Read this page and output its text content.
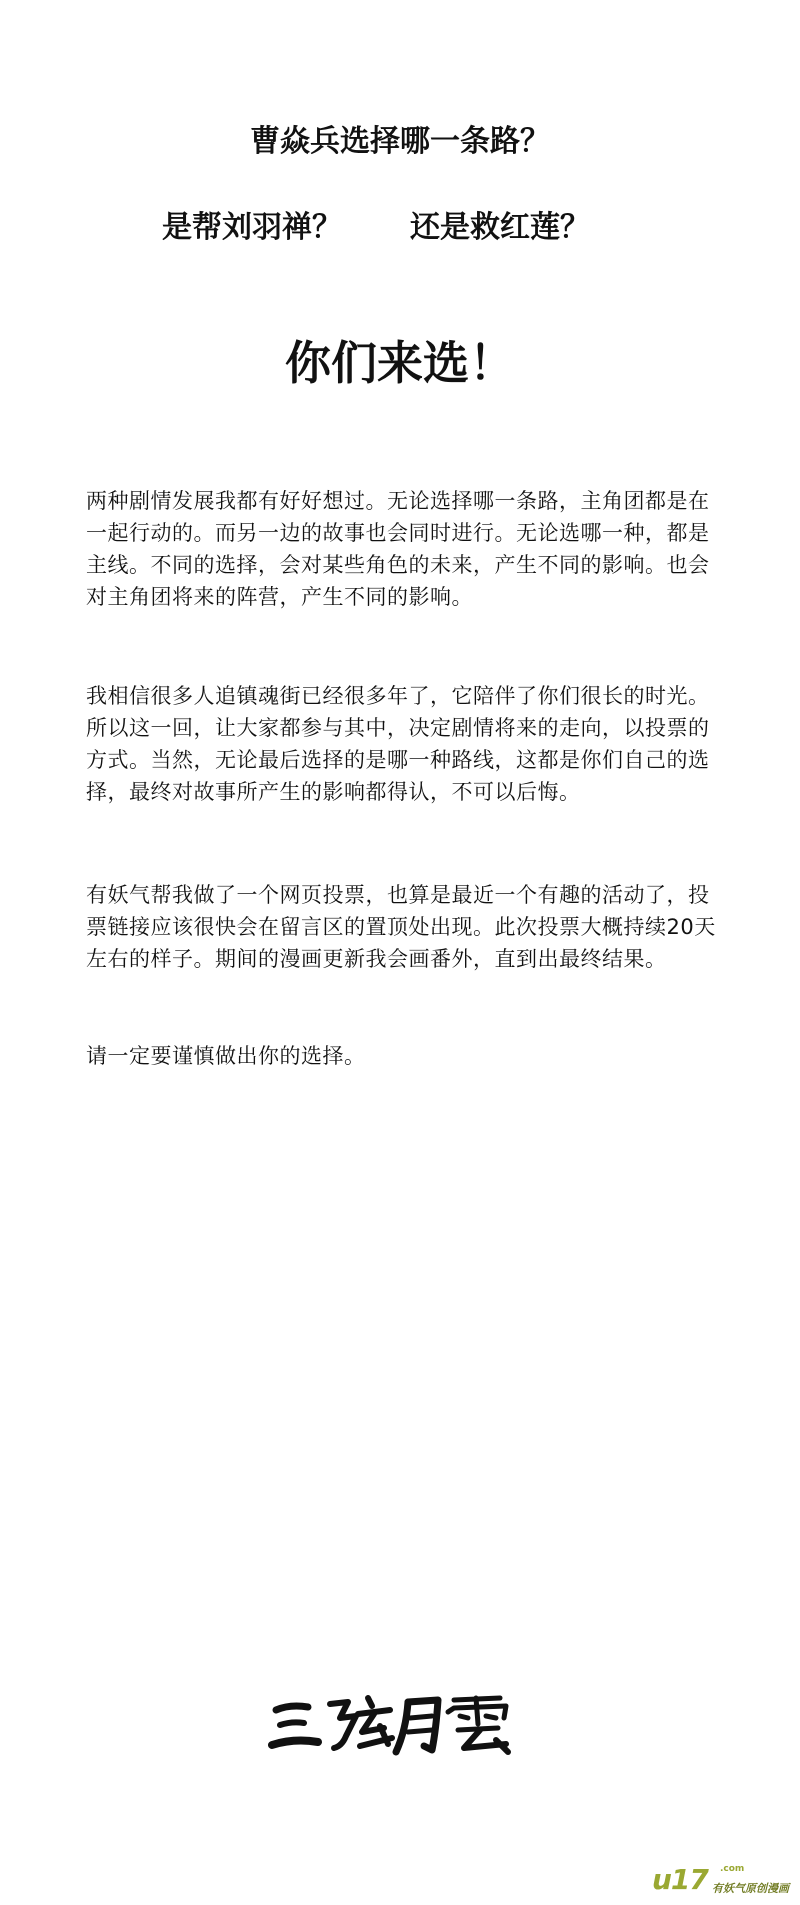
曹焱兵选择哪一条路？
是帮刘羽禅？ 还是救红莲？
你们来选！

两种剧情发展我都有好好想过。无论选择哪一条路，主角团都是在一起行动的。而另一边的故事也会同时进行。无论选哪一种，都是主线。不同的选择，会对某些角色的未来，产生不同的影响。也会对主角团将来的阵营，产生不同的影响。

我相信很多人追镇魂街已经很多年了，它陪伴了你们很长的时光。所以这一回，让大家都参与其中，决定剧情将来的走向，以投票的方式。当然，无论最后选择的是哪一种路线，这都是你们自己的选择，最终对故事所产生的影响都得认，不可以后悔。

有妖气帮我做了一个网页投票，也算是最近一个有趣的活动了，投票链接应该很快会在留言区的置顶处出现。此次投票大概持续20天左右的样子。期间的漫画更新我会画番外，直到出最终结果。

请一定要谨慎做出你的选择。

u17 .com
有妖气原创漫画
